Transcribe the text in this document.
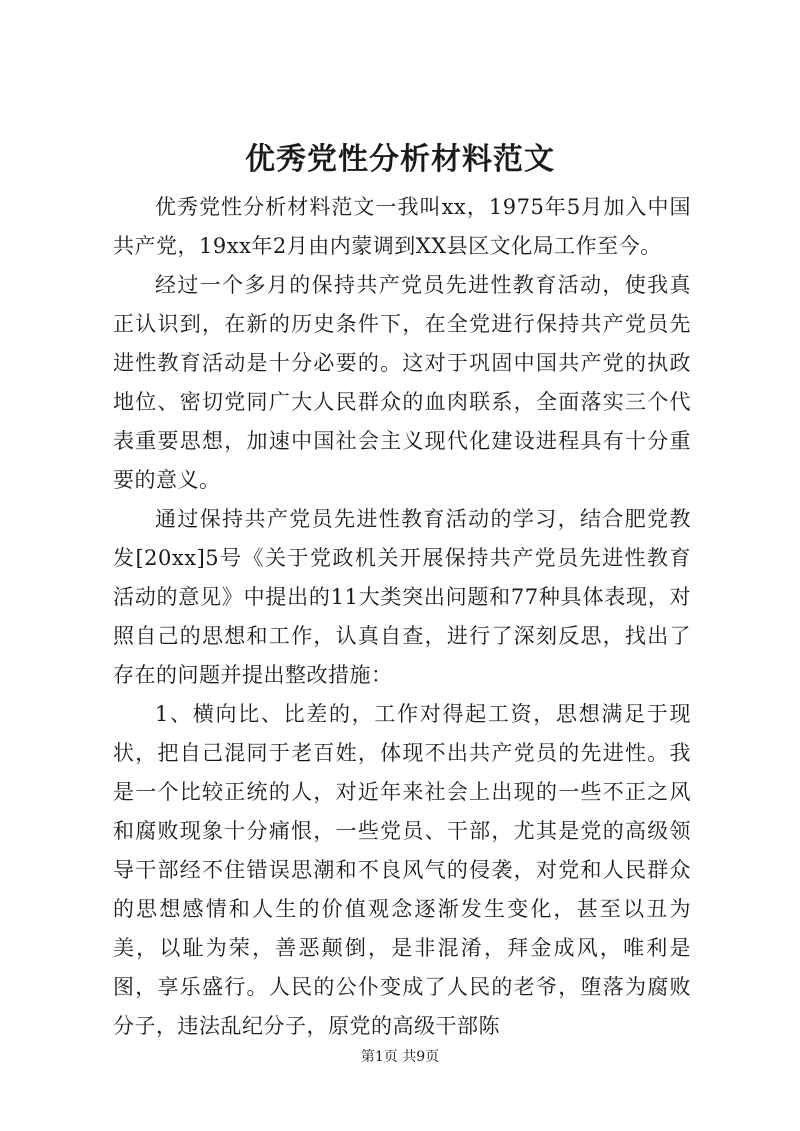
优秀党性分析材料范文

优秀党性分析材料范文一我叫xx，1975年5月加入中国共产党，19xx年2月由内蒙调到XX县区文化局工作至今。

经过一个多月的保持共产党员先进性教育活动，使我真正认识到，在新的历史条件下，在全党进行保持共产党员先进性教育活动是十分必要的。这对于巩固中国共产党的执政地位、密切党同广大人民群众的血肉联系，全面落实三个代表重要思想，加速中国社会主义现代化建设进程具有十分重要的意义。

通过保持共产党员先进性教育活动的学习，结合肥党教发[20xx]5号《关于党政机关开展保持共产党员先进性教育活动的意见》中提出的11大类突出问题和77种具体表现，对照自己的思想和工作，认真自查，进行了深刻反思，找出了存在的问题并提出整改措施：

1、横向比、比差的，工作对得起工资，思想满足于现状，把自己混同于老百姓，体现不出共产党员的先进性。我是一个比较正统的人，对近年来社会上出现的一些不正之风和腐败现象十分痛恨，一些党员、干部，尤其是党的高级领导干部经不住错误思潮和不良风气的侵袭，对党和人民群众的思想感情和人生的价值观念逐渐发生变化，甚至以丑为美，以耻为荣，善恶颠倒，是非混淆，拜金成风，唯利是图，享乐盛行。人民的公仆变成了人民的老爷，堕落为腐败分子，违法乱纪分子，原党的高级干部陈

第1页 共9页
